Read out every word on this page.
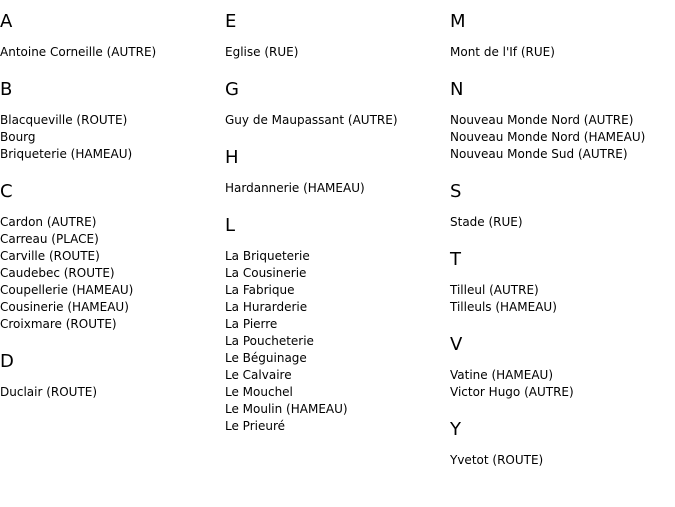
A
Antoine Corneille (AUTRE)
B
Blacqueville (ROUTE)
Bourg
Briqueterie (HAMEAU)
C
Cardon (AUTRE)
Carreau (PLACE)
Carville (ROUTE)
Caudebec (ROUTE)
Coupellerie (HAMEAU)
Cousinerie (HAMEAU)
Croixmare (ROUTE)
D
Duclair (ROUTE)
E
Eglise (RUE)
G
Guy de Maupassant (AUTRE)
H
Hardannerie (HAMEAU)
L
La Briqueterie
La Cousinerie
La Fabrique
La Hurarderie
La Pierre
La Poucheterie
Le Béguinage
Le Calvaire
Le Mouchel
Le Moulin (HAMEAU)
Le Prieuré
M
Mont de l'If (RUE)
N
Nouveau Monde Nord (AUTRE)
Nouveau Monde Nord (HAMEAU)
Nouveau Monde Sud (AUTRE)
S
Stade (RUE)
T
Tilleul (AUTRE)
Tilleuls (HAMEAU)
V
Vatine (HAMEAU)
Victor Hugo (AUTRE)
Y
Yvetot (ROUTE)
